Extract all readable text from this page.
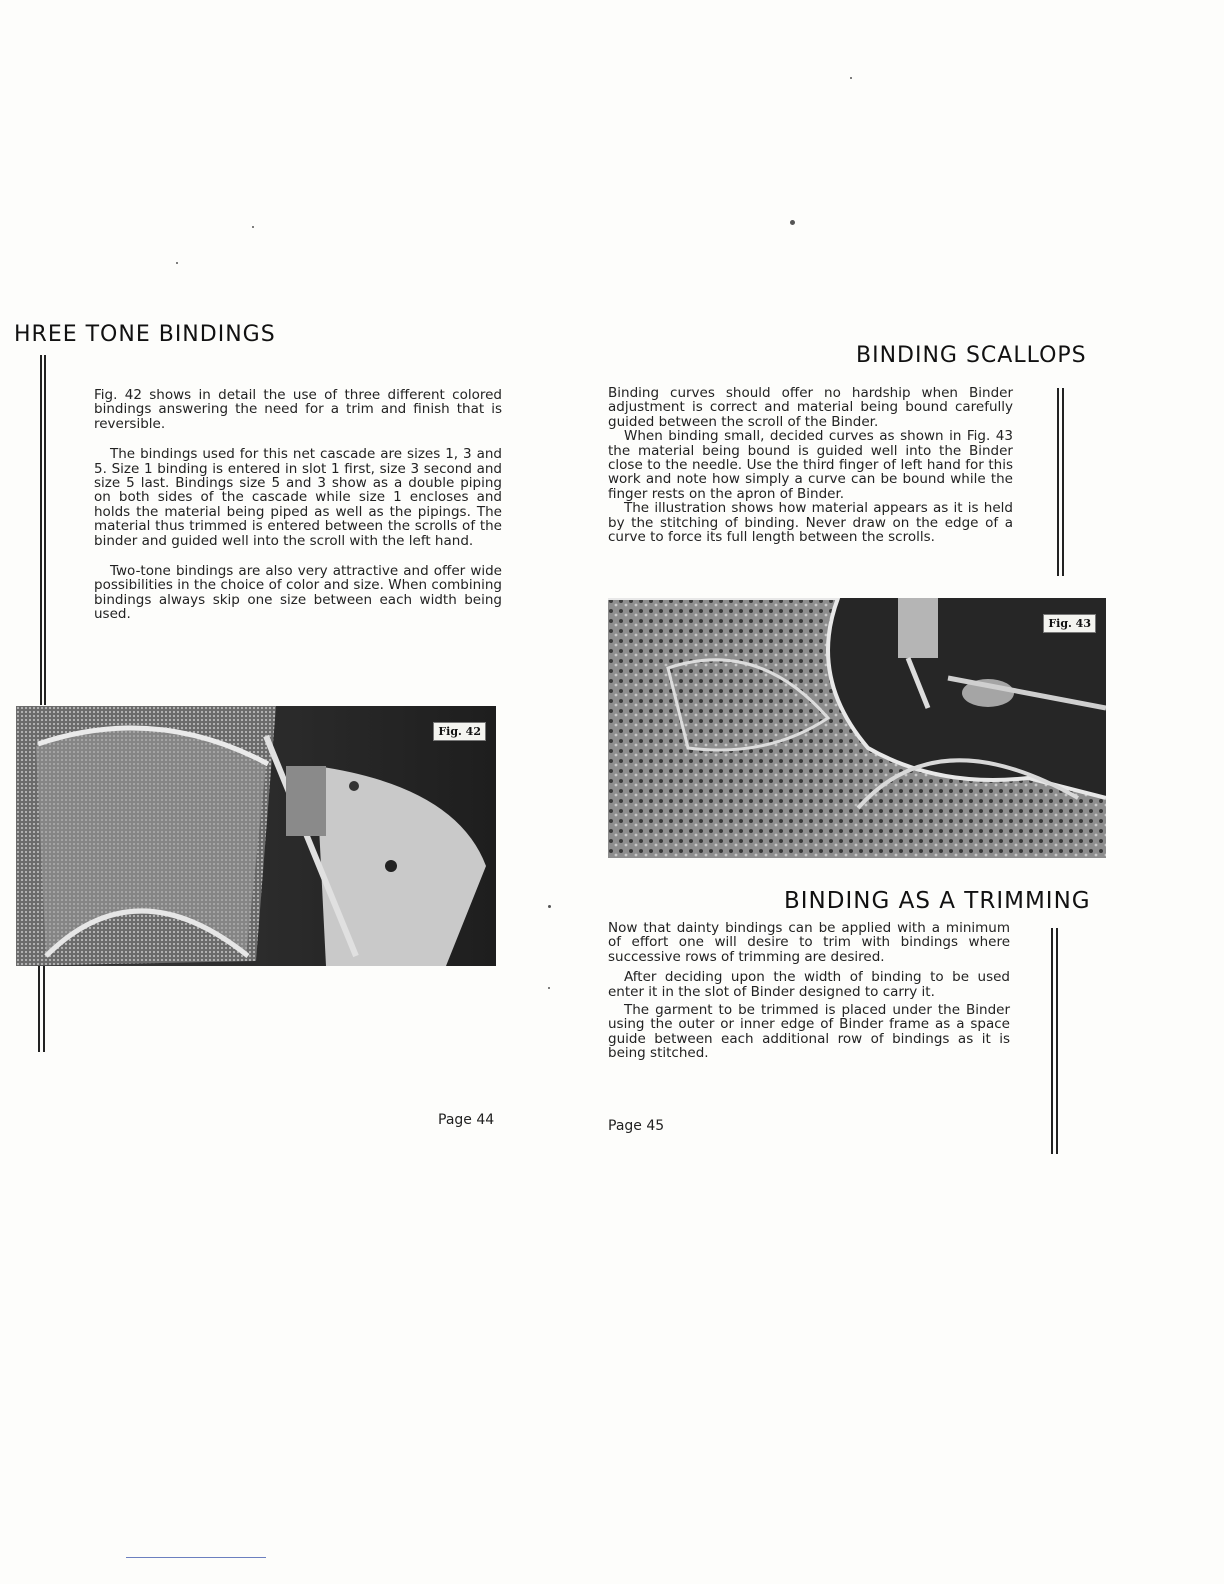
HREE TONE BINDINGS

Fig. 42 shows in detail the use of three different colored bindings answering the need for a trim and finish that is reversible.

The bindings used for this net cascade are sizes 1, 3 and 5. Size 1 binding is entered in slot 1 first, size 3 second and size 5 last. Bindings size 5 and 3 show as a double piping on both sides of the cascade while size 1 encloses and holds the material being piped as well as the pipings. The material thus trimmed is entered between the scrolls of the binder and guided well into the scroll with the left hand.

Two-tone bindings are also very attractive and offer wide possibilities in the choice of color and size. When combining bindings always skip one size between each width being used.

Fig. 42
Page 44
BINDING SCALLOPS

Binding curves should offer no hardship when Binder adjustment is correct and material being bound carefully guided between the scroll of the Binder.

When binding small, decided curves as shown in Fig. 43 the material being bound is guided well into the Binder close to the needle. Use the third finger of left hand for this work and note how simply a curve can be bound while the finger rests on the apron of Binder.

The illustration shows how material appears as it is held by the stitching of binding. Never draw on the edge of a curve to force its full length between the scrolls.

Fig. 43
BINDING AS A TRIMMING

Now that dainty bindings can be applied with a minimum of effort one will desire to trim with bindings where successive rows of trimming are desired.

After deciding upon the width of binding to be used enter it in the slot of Binder designed to carry it.

The garment to be trimmed is placed under the Binder using the outer or inner edge of Binder frame as a space guide between each additional row of bindings as it is being stitched.

Page 45
